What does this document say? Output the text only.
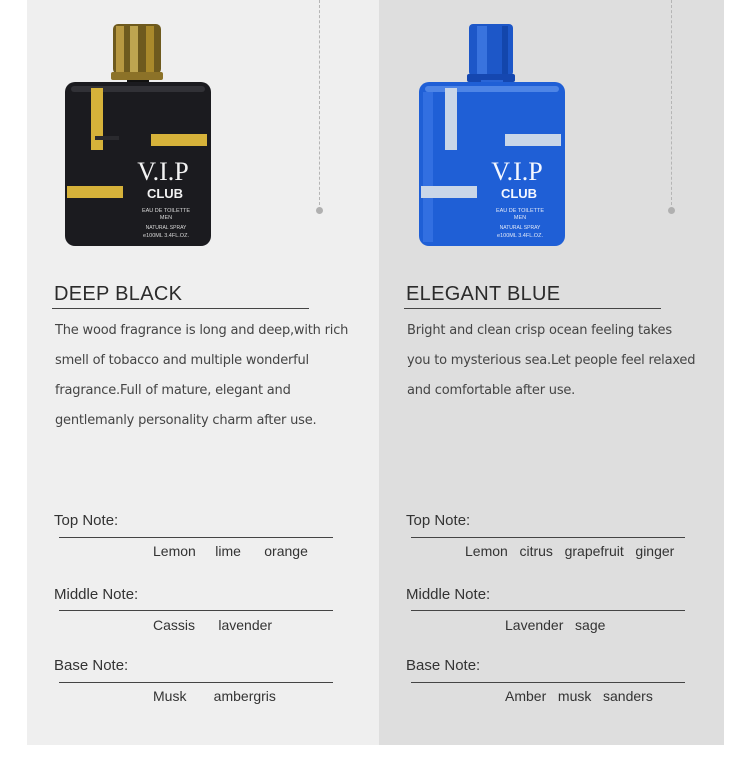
V.I.P
CLUB
EAU DE TOILETTE
MEN
NATURAL SPRAY
e100ML 3.4FL.OZ.
DEEP BLACK
The wood fragrance is long and deep,with rich smell of tobacco and multiple wonderful fragrance.Full of mature, elegant and gentlemanly personality charm after use.
Top Note:
Lemon     lime      orange
Middle Note:
Cassis      lavender
Base Note:
Musk       ambergris
V.I.P
CLUB
EAU DE TOILETTE
MEN
NATURAL SPRAY
e100ML 3.4FL.OZ.
ELEGANT BLUE
Bright and clean crisp ocean feeling takes you to mysterious sea.Let people feel relaxed and comfortable after use.
Top Note:
Lemon   citrus   grapefruit   ginger
Middle Note:
Lavender   sage
Base Note:
Amber   musk   sanders
